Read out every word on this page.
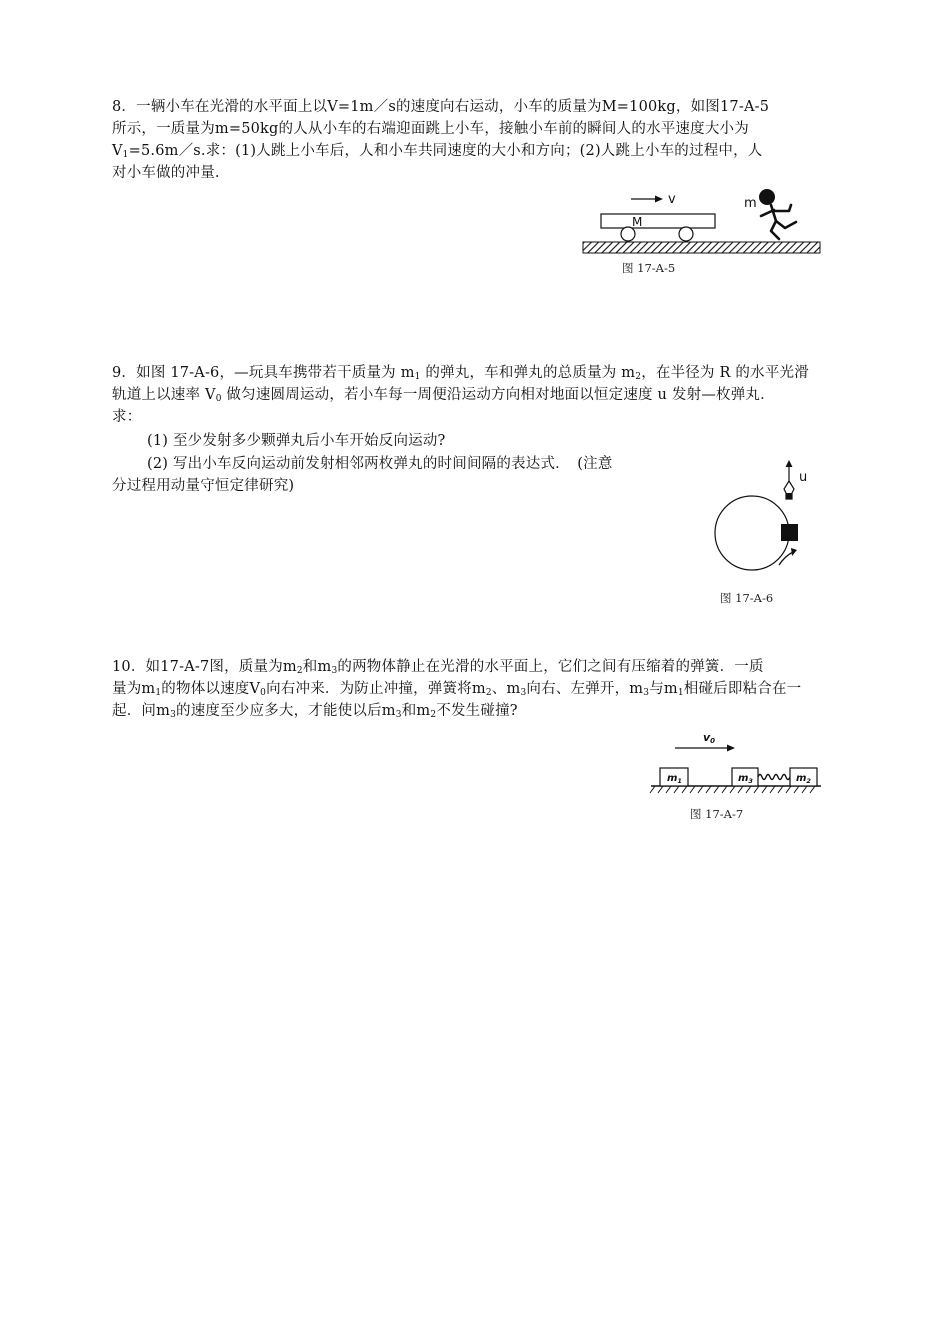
8．一辆小车在光滑的水平面上以V=1m／s的速度向右运动，小车的质量为M=100kg，如图17-A-5

所示，一质量为m=50kg的人从小车的右端迎面跳上小车，接触小车前的瞬间人的水平速度大小为

$V_1=5.6m/s$.求：(1)人跳上小车后，人和小车共同速度的大小和方向；(2)人跳上小车的过程中，人

对小车做的冲量.

M
v	m
图 17-A-5

9．如图 17-A-6，—玩具车携带若干质量为 $m_1$ 的弹丸，车和弹丸的总质量为 $m_2$，在半径为 R 的水平光滑

轨道上以速率 $V_0$ 做匀速圆周运动，若小车每一周便沿运动方向相对地面以恒定速度 u 发射—枚弹丸．

求：

(1) 至少发射多少颗弹丸后小车开始反向运动?

(2) 写出小车反向运动前发射相邻两枚弹丸的时间间隔的表达式．　(注意

分过程用动量守恒定律研究)

u
图 17-A-6

10．如17-A-7图，质量为$m_2$和$m_3$的两物体静止在光滑的水平面上，它们之间有压缩着的弹簧．一质

量为$m_1$的物体以速度$V_0$向右冲来．为防止冲撞，弹簧将$m_2$、$m_3$向右、左弹开，$m_3$与$m_1$相碰后即粘合在一

起．问$m_3$的速度至少应多大，才能使以后$m_3$和$m_2$不发生碰撞?

v0
$m_1$	$m_3$	$m_2$
图 17-A-7
